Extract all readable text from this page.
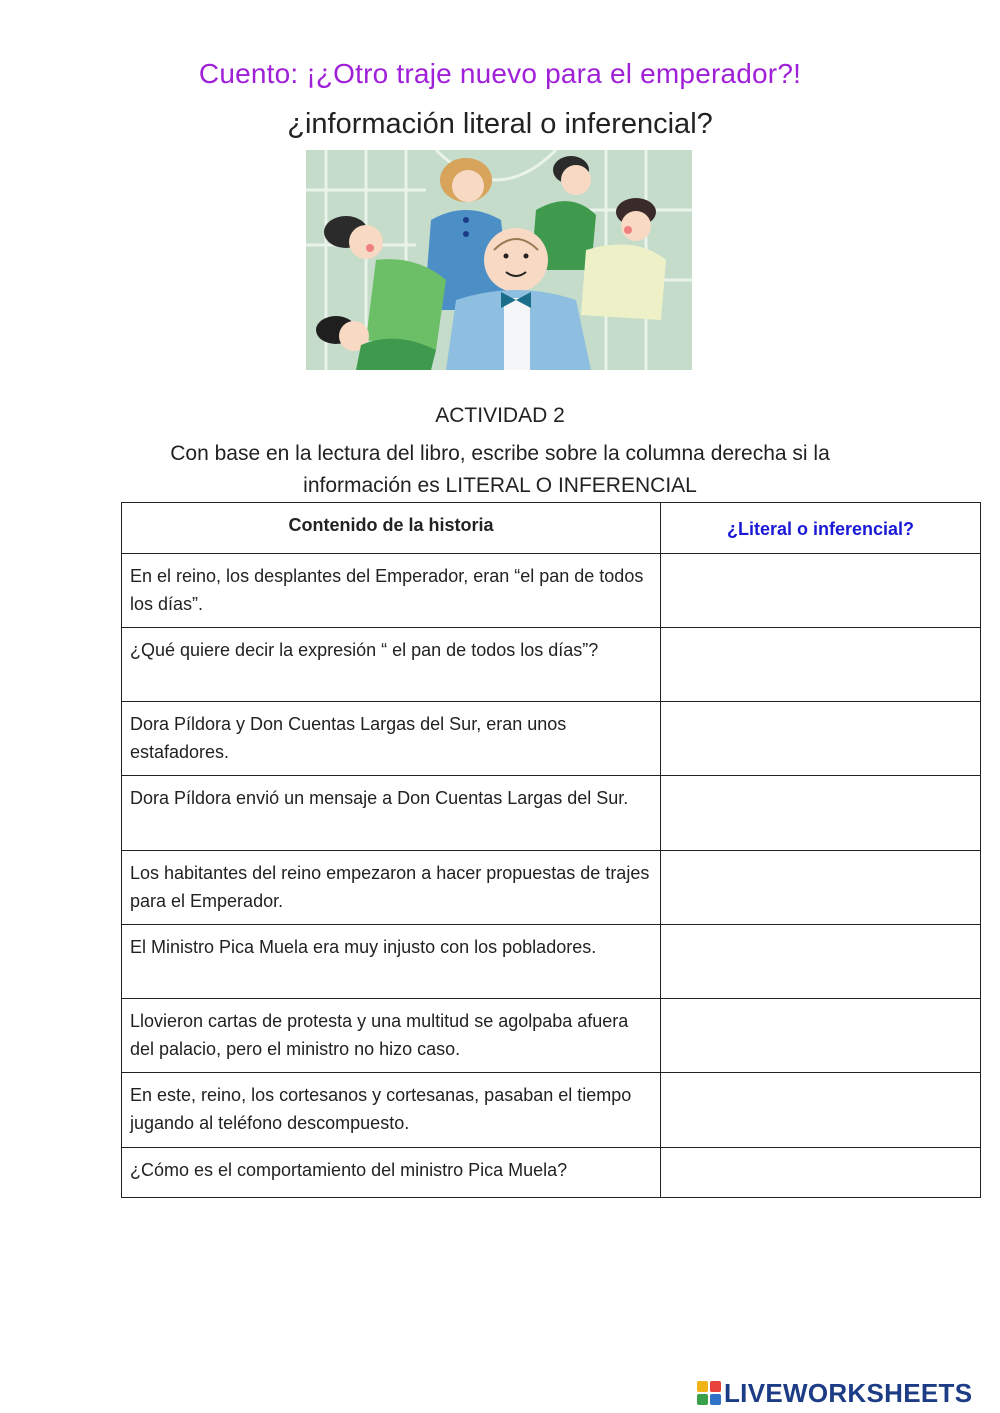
Cuento: ¡¿Otro traje nuevo para el emperador?!
¿información literal o inferencial?
ACTIVIDAD 2
Con base en la lectura del libro, escribe sobre la columna derecha si la
información es LITERAL O INFERENCIAL
Contenido de la historia	¿Literal o inferencial?
En el reino, los desplantes del Emperador, eran “el pan de todos los días”.	

¿Qué quiere decir la expresión “ el pan de todos los días”?	

Dora Píldora y Don Cuentas Largas del Sur, eran unos estafadores.	

Dora Píldora envió un mensaje a Don Cuentas Largas del Sur.	

Los habitantes del reino empezaron a hacer propuestas de trajes para el Emperador.	

El Ministro Pica Muela era muy injusto con los pobladores.	

Llovieron cartas de protesta y una multitud se agolpaba afuera del palacio, pero el ministro no hizo caso.	

En este, reino, los cortesanos y cortesanas, pasaban el tiempo jugando al teléfono descompuesto.	

¿Cómo es el comportamiento del ministro Pica Muela?	
LIVEWORKSHEETS
